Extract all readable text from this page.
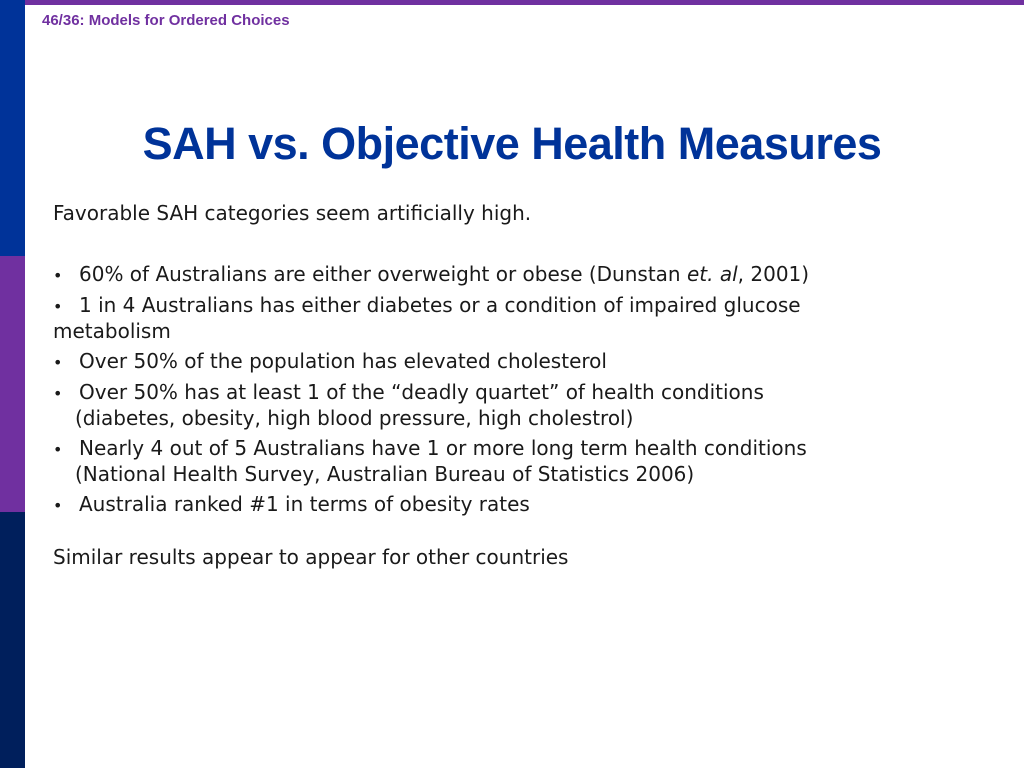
46/36: Models for Ordered Choices
SAH vs. Objective Health Measures
Favorable SAH categories seem artificially high.
• 60% of Australians are either overweight or obese (Dunstan et. al, 2001)
• 1 in 4 Australians has either diabetes or a condition of impaired glucose
metabolism
• Over 50% of the population has elevated cholesterol
• Over 50% has at least 1 of the “deadly quartet” of health conditions
(diabetes, obesity, high blood pressure, high cholestrol)
• Nearly 4 out of 5 Australians have 1 or more long term health conditions
(National Health Survey, Australian Bureau of Statistics 2006)
• Australia ranked #1 in terms of obesity rates
Similar results appear to appear for other countries
